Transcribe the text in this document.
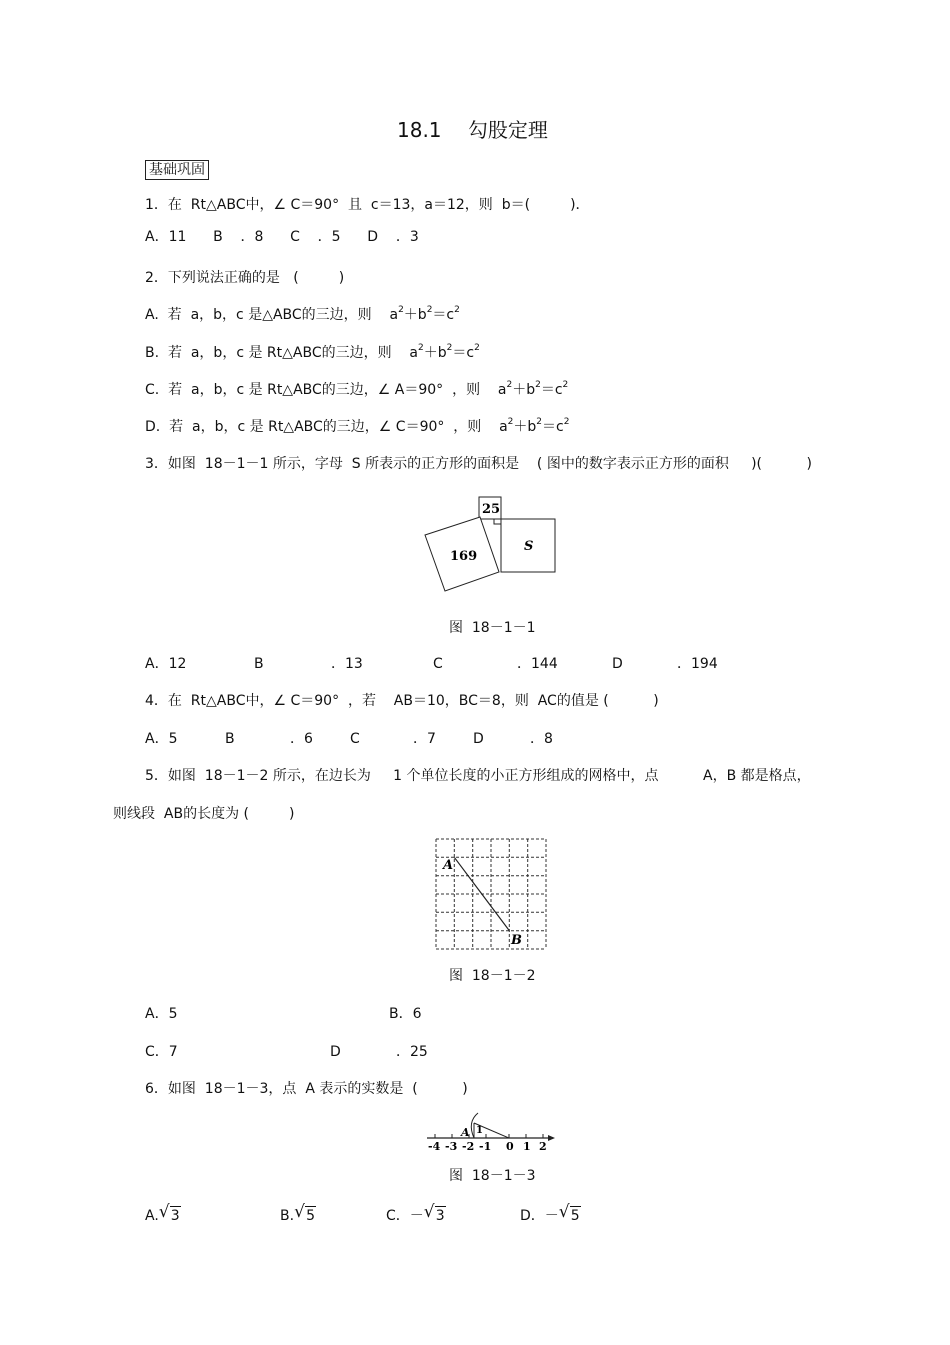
18.1　 勾股定理
基础巩固
1．在  Rt△ABC中，∠ C＝90°  且  c＝13，a＝12，则  b＝(         )．
A．11      B    ．8      C    ．5      D    ．3
2．下列说法正确的是   (         )
A.  若  a，b，c 是△ABC的三边，则    $a^2+b^2=c^2$
B.  若  a，b，c 是 Rt△ABC的三边，则    $a^2+b^2=c^2$
C.  若  a，b，c 是 Rt△ABC的三边，∠ A＝90°  ，则    $a^2+b^2=c^2$
D.  若  a，b，c 是 Rt△ABC的三边，∠ C＝90°  ，则    $a^2+b^2=c^2$
3．如图  18－1－1 所示，字母  S 所表示的正方形的面积是    ( 图中的数字表示正方形的面积     )(          )
25
169
S
图  18－1－1
A．12	B	．13	C	．144	D	．194
4．在  Rt△ABC中，∠ C＝90°  ，若    AB＝10，BC＝8，则  AC的值是 (          )
A．5	B	．6	C	．7	D	．8
5．如图  18－1－2 所示，在边长为     1 个单位长度的小正方形组成的网格中，点          A，B 都是格点，
则线段  AB的长度为 (         )
A
B
图  18－1－2
A．5	B．6
C．7	D	．25
6．如图  18－1－3，点  A 表示的实数是  (          )
-4 -3 -2 -1 0 1 2
A 1
图  18－1－3
A. √ 3	B. √ 5	C．－ √ 3	D．－ √ 5
